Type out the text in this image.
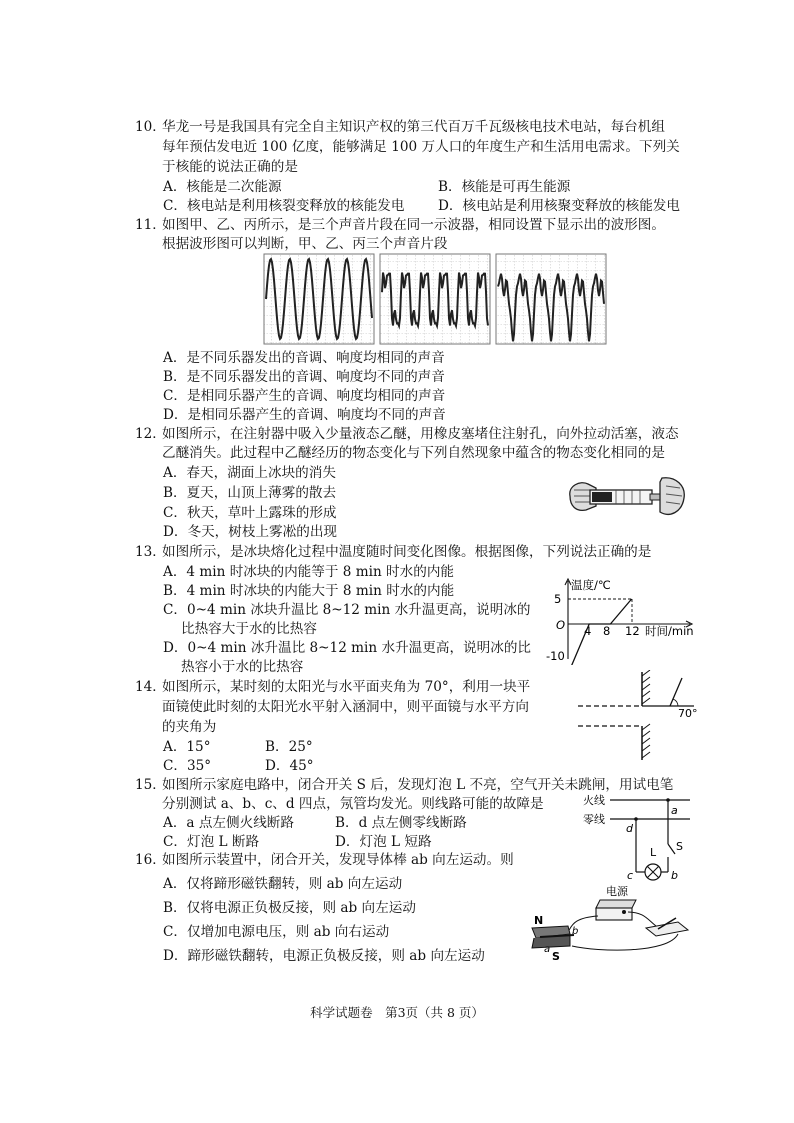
10．
华龙一号是我国具有完全自主知识产权的第三代百万千瓦级核电技术电站，每台机组
每年预估发电近 100 亿度，能够满足 100 万人口的年度生产和生活用电需求。下列关
于核能的说法正确的是
A．核能是二次能源	B．核能是可再生能源
C．核电站是利用核裂变释放的核能发电 D．核电站是利用核聚变释放的核能发电
11．
如图甲、乙、丙所示，是三个声音片段在同一示波器，相同设置下显示出的波形图。
根据波形图可以判断，甲、乙、丙三个声音片段
A．是不同乐器发出的音调、响度均相同的声音
B．是不同乐器发出的音调、响度均不同的声音
C．是相同乐器产生的音调、响度均相同的声音
D．是相同乐器产生的音调、响度均不同的声音
12．
如图所示，在注射器中吸入少量液态乙醚，用橡皮塞堵住注射孔，向外拉动活塞，液态
乙醚消失。此过程中乙醚经历的物态变化与下列自然现象中蕴含的物态变化相同的是
A．春天，湖面上冰块的消失
B．夏天，山顶上薄雾的散去
C．秋天，草叶上露珠的形成
D．冬天，树枝上雾凇的出现
13．
如图所示，是冰块熔化过程中温度随时间变化图像。根据图像，下列说法正确的是
A．4 min 时冰块的内能等于 8 min 时水的内能
B．4 min 时冰块的内能大于 8 min 时水的内能
C．0~4 min 冰块升温比 8~12 min 水升温更高，说明冰的
比热容大于水的比热容
D．0~4 min 冰升温比 8~12 min 水升温更高，说明冰的比
热容小于水的比热容
温度/℃
时间/min
O
5
-10
4 8 12
14．
如图所示，某时刻的太阳光与水平面夹角为 70°，利用一块平
面镜使此时刻的太阳光水平射入涵洞中，则平面镜与水平方向
的夹角为
A．15°	B．25°
C．35°	D．45°
70°
15．
如图所示家庭电路中，闭合开关 S 后，发现灯泡 L 不亮，空气开关未跳闸，用试电笔
分别测试 a、b、c、d 四点，氖管均发光。则线路可能的故障是
A．a 点左侧火线断路	B．d 点左侧零线断路
C．灯泡 L 断路	D．灯泡 L 短路
火线
零线
a
b
c
d
L S
16．
如图所示装置中，闭合开关，发现导体棒 ab 向左运动。则
A．仅将蹄形磁铁翻转，则 ab 向左运动
B．仅将电源正负极反接，则 ab 向左运动
C．仅增加电源电压，则 ab 向右运动
D．蹄形磁铁翻转，电源正负极反接，则 ab 向左运动
电源
N
S
b
a
科学试题卷　第3页（共 8 页）
